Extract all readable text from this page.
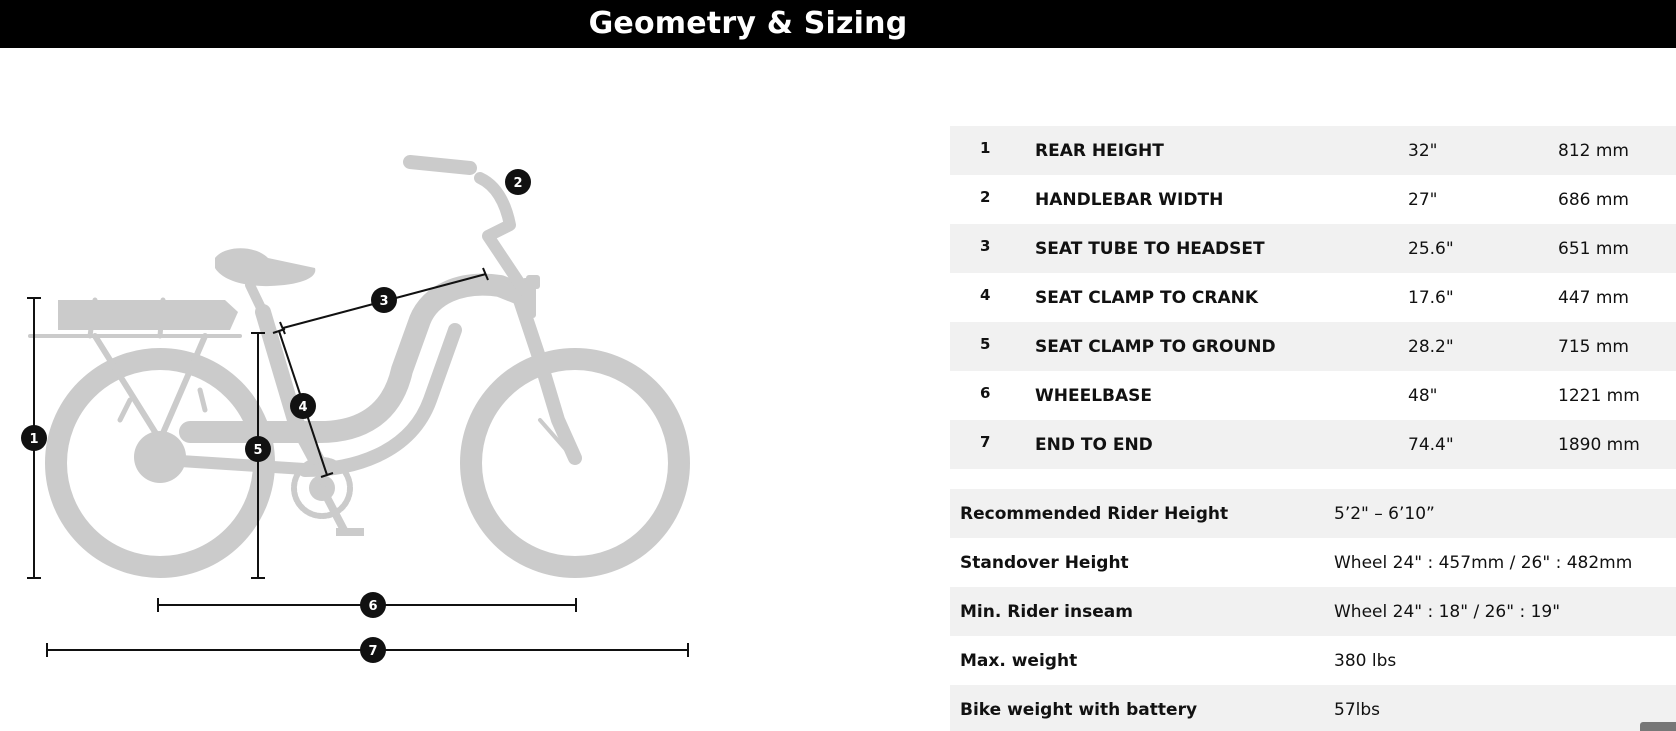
Geometry & Sizing
1
2
3
4
5
6
7
1	REAR HEIGHT	32"	812 mm
2	HANDLEBAR WIDTH	27"	686 mm
3	SEAT TUBE TO HEADSET	25.6"	651 mm
4	SEAT CLAMP TO CRANK	17.6"	447 mm
5	SEAT CLAMP TO GROUND	28.2"	715 mm
6	WHEELBASE	48"	1221 mm
7	END TO END	74.4"	1890 mm
Recommended Rider Height	5’2" – 6’10”
Standover Height	Wheel 24" : 457mm / 26" : 482mm
Min. Rider inseam	Wheel 24" : 18" / 26" : 19"
Max. weight	380 lbs
Bike weight with battery	57lbs
